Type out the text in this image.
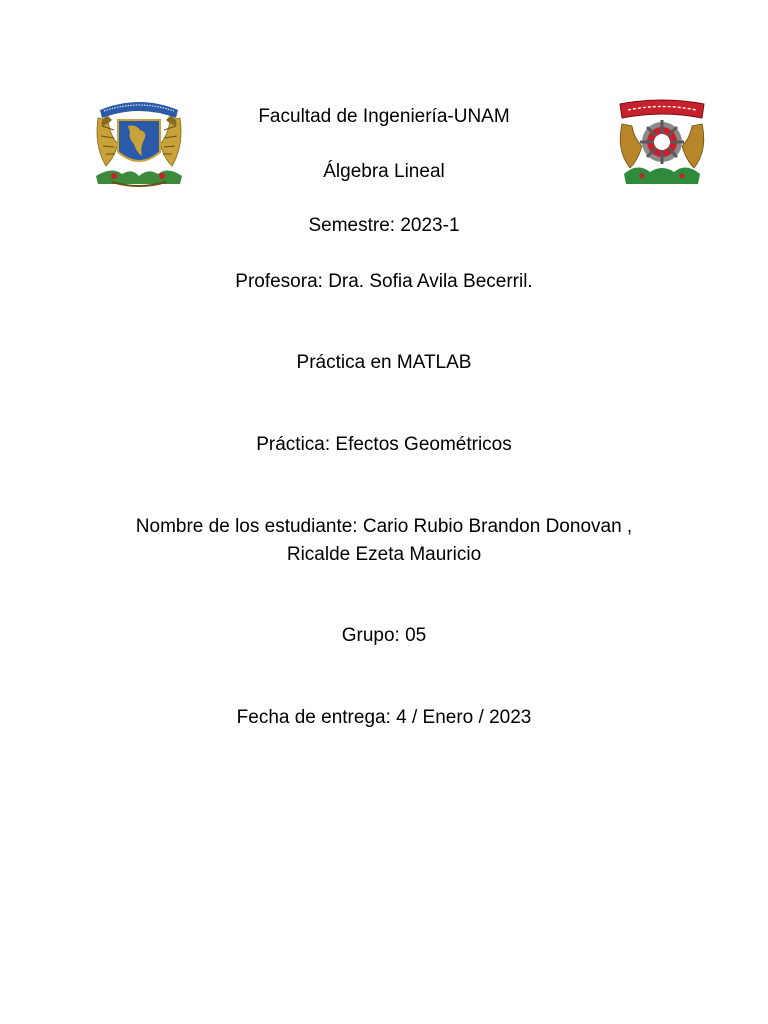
Facultad de Ingeniería-UNAM
Álgebra Lineal
Semestre: 2023-1
Profesora: Dra. Sofia Avila Becerril.
Práctica en MATLAB
Práctica: Efectos Geométricos
Nombre de los estudiante: Cario Rubio Brandon Donovan ,
Ricalde Ezeta Mauricio
Grupo: 05
Fecha de entrega: 4 / Enero / 2023
